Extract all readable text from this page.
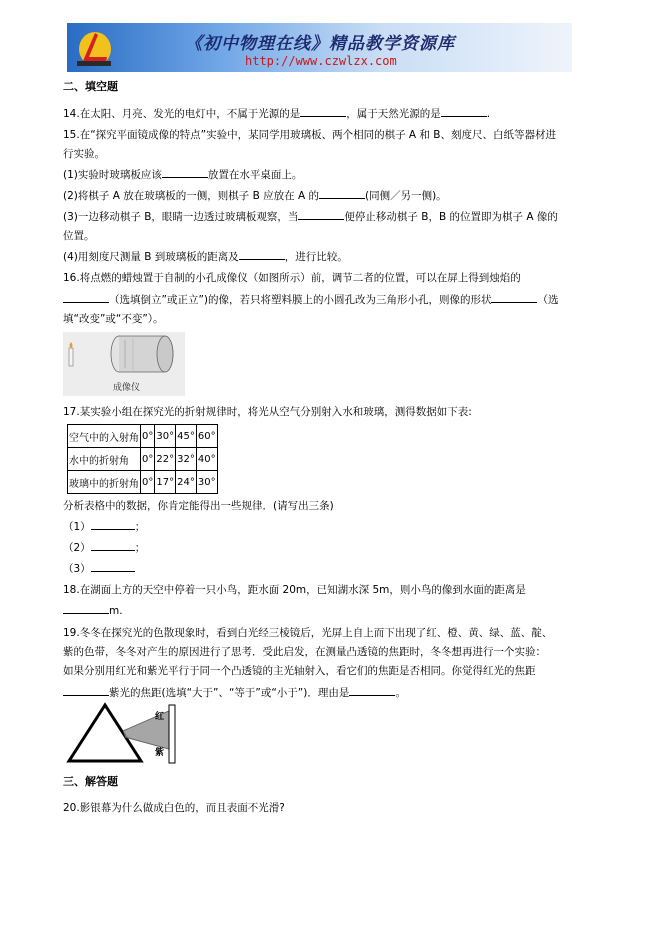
《初中物理在线》精品教学资源库
http://www.czwlzx.com
二、填空题
14.在太阳、月亮、发光的电灯中，不属于光源的是	，属于天然光源的是	.
15.在“探究平面镜成像的特点”实验中，某同学用玻璃板、两个相同的棋子 A 和 B、刻度尺、白纸等器材进
行实验。
(1)实验时玻璃板应该	放置在水平桌面上。
(2)将棋子 A 放在玻璃板的一侧，则棋子 B 应放在 A 的	(同侧／另一侧)。
(3)一边移动棋子 B，眼睛一边透过玻璃板观察，当	便停止移动棋子 B，B 的位置即为棋子 A 像的
位置。
(4)用刻度尺测量 B 到玻璃板的距离及	，进行比较。
16.将点燃的蜡烛置于自制的小孔成像仪（如图所示）前，调节二者的位置，可以在屏上得到烛焰的
（选填倒立”或正立”)的像，若只将塑料膜上的小圆孔改为三角形小孔，则像的形状	（选
填“改变”或“不变”）。
成像仪
17.某实验小组在探究光的折射规律时，将光从空气分别射入水和玻璃，测得数据如下表:
空气中的入射角	0°	30°	45°	60°
水中的折射角	0°	22°	32°	40°
玻璃中的折射角	0°	17°	24°	30°
分析表格中的数据，你肯定能得出一些规律．(请写出三条)
（1）	；
（2）	；
（3）
18.在湖面上方的天空中停着一只小鸟，距水面 20m，已知湖水深 5m，则小鸟的像到水面的距离是
m.
19.冬冬在探究光的色散现象时，看到白光经三棱镜后，光屏上自上而下出现了红、橙、黄、绿、蓝、靛、
紫的色带，冬冬对产生的原因进行了思考．受此启发，在测量凸透镜的焦距时，冬冬想再进行一个实验：
如果分别用红光和紫光平行于同一个凸透镜的主光轴射入，看它们的焦距是否相同。你觉得红光的焦距
紫光的焦距(选填“大于”、“等于”或“小于”)．理由是	。
红
紫
三、解答题
20.影银幕为什么做成白色的，而且表面不光滑?
